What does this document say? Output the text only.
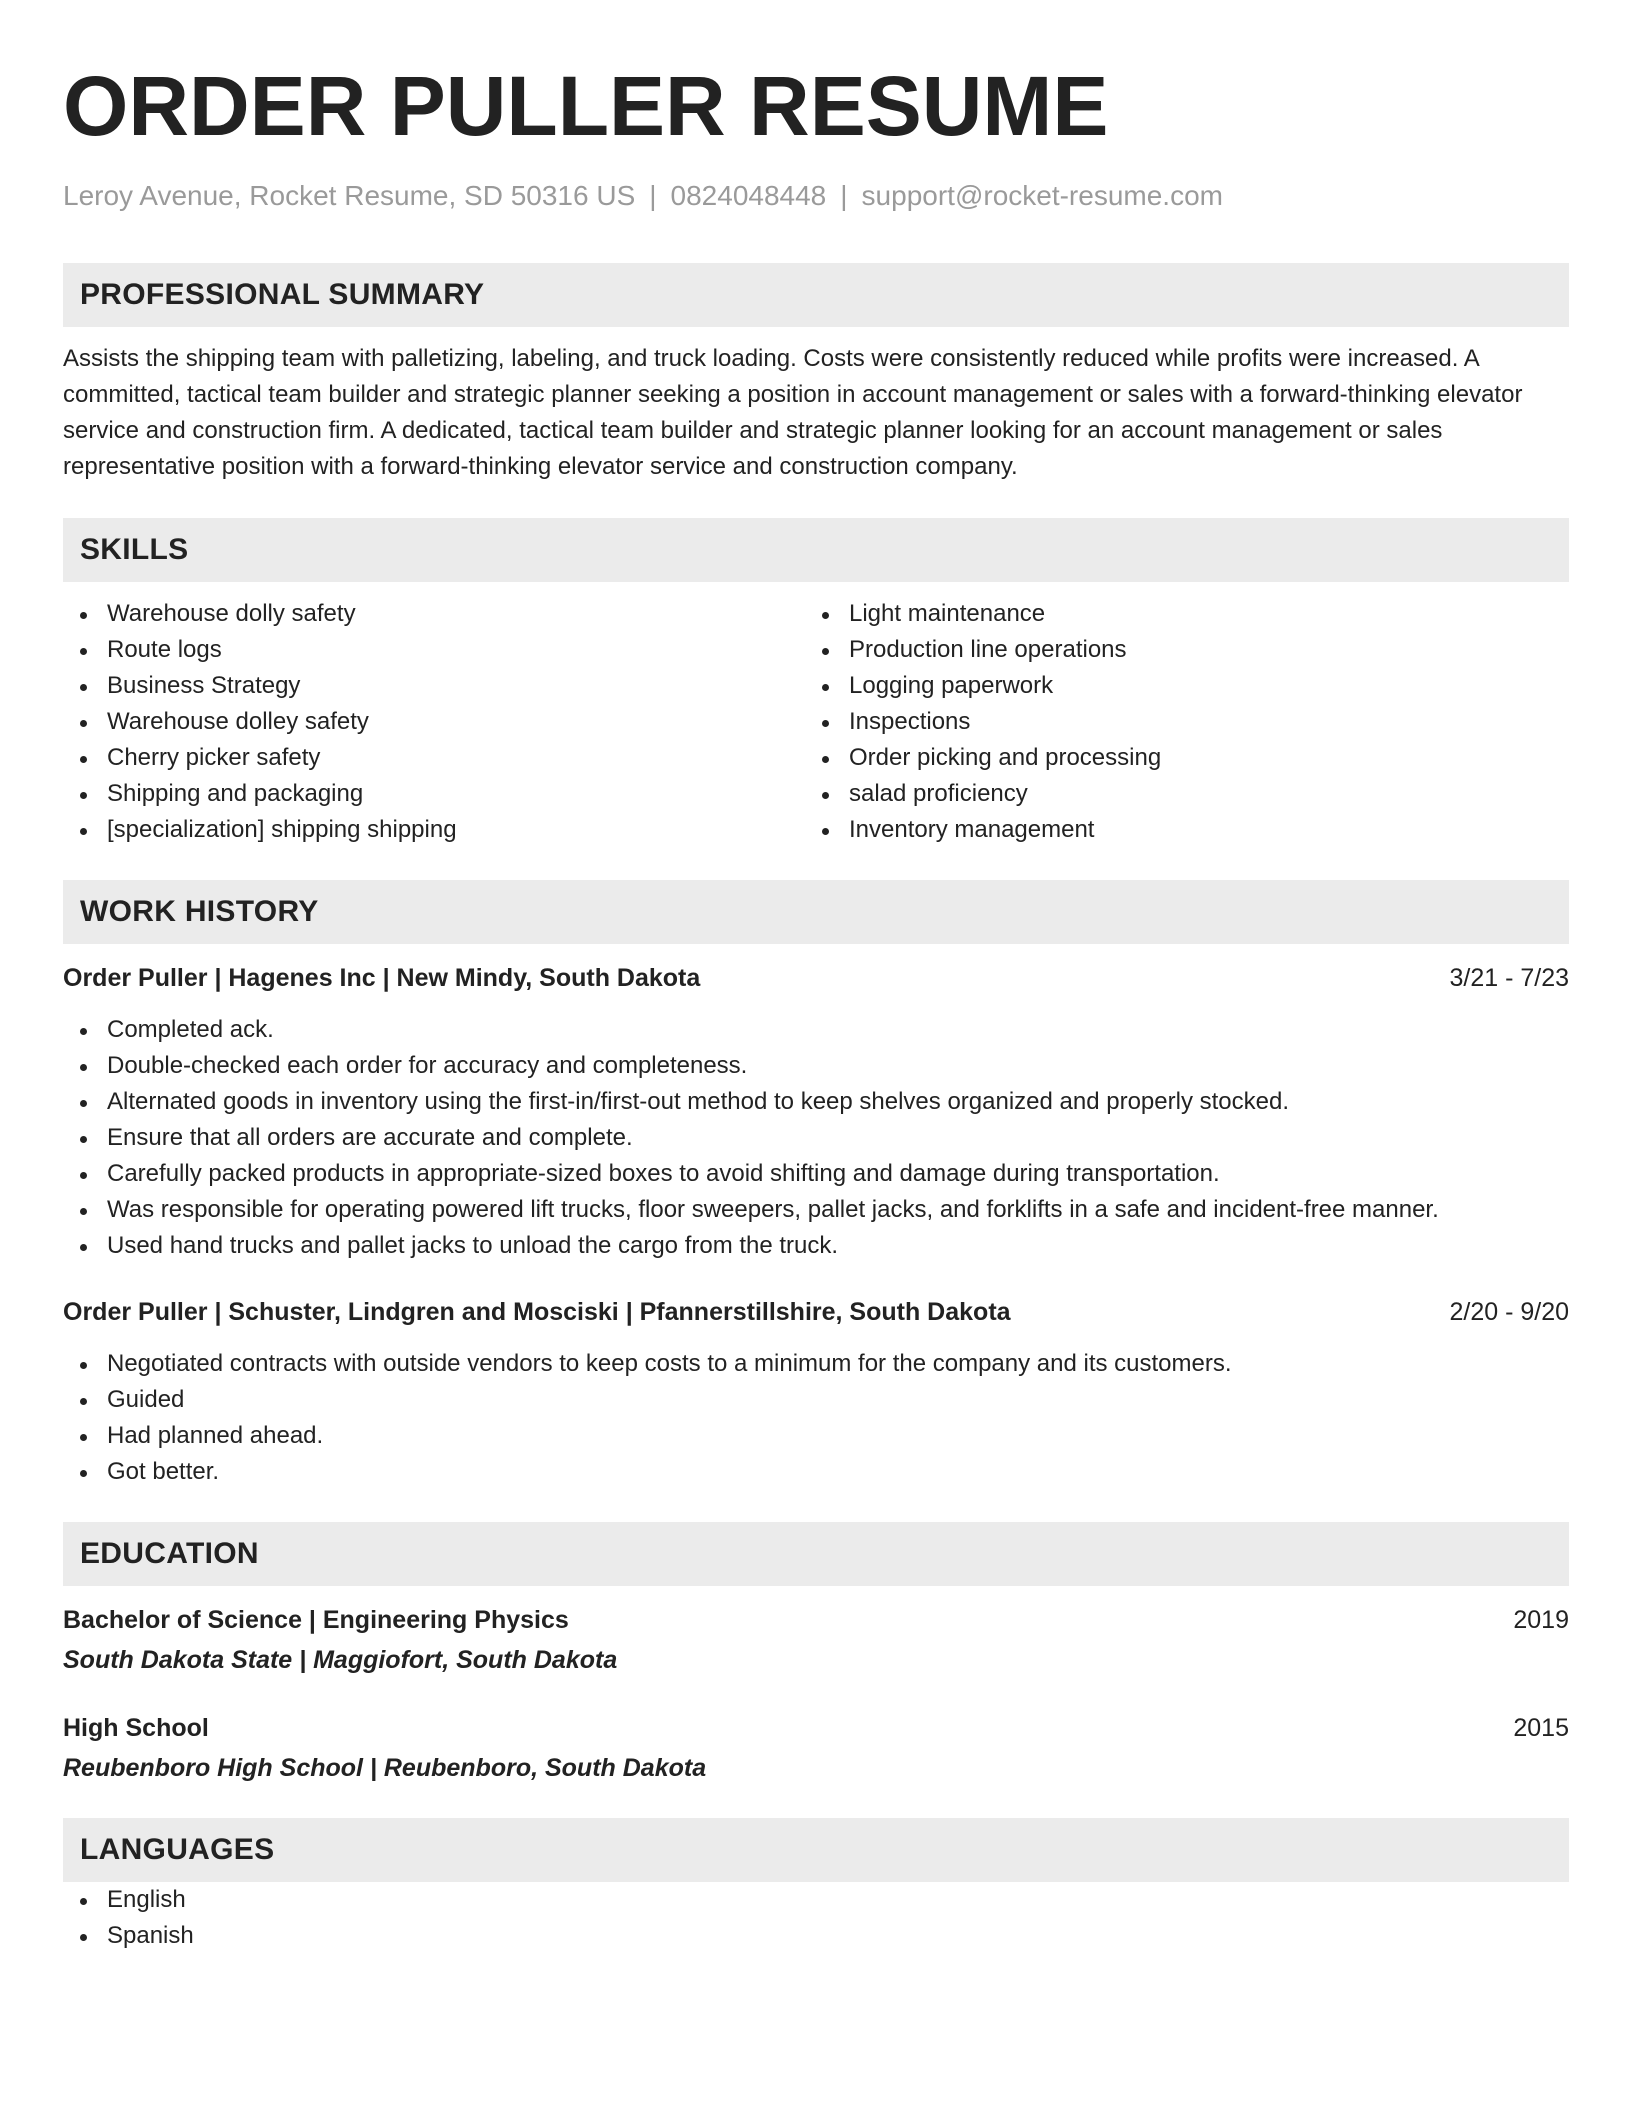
ORDER PULLER RESUME
Leroy Avenue, Rocket Resume, SD 50316 US | 0824048448 | support@rocket-resume.com
PROFESSIONAL SUMMARY
Assists the shipping team with palletizing, labeling, and truck loading. Costs were consistently reduced while profits were increased. A committed, tactical team builder and strategic planner seeking a position in account management or sales with a forward-thinking elevator service and construction firm. A dedicated, tactical team builder and strategic planner looking for an account management or sales representative position with a forward-thinking elevator service and construction company.
SKILLS
Warehouse dolly safety
Route logs
Business Strategy
Warehouse dolley safety
Cherry picker safety
Shipping and packaging
[specialization] shipping shipping
Light maintenance
Production line operations
Logging paperwork
Inspections
Order picking and processing
salad proficiency
Inventory management
WORK HISTORY
Order Puller | Hagenes Inc | New Mindy, South Dakota	3/21 - 7/23
Completed ack.
Double-checked each order for accuracy and completeness.
Alternated goods in inventory using the first-in/first-out method to keep shelves organized and properly stocked.
Ensure that all orders are accurate and complete.
Carefully packed products in appropriate-sized boxes to avoid shifting and damage during transportation.
Was responsible for operating powered lift trucks, floor sweepers, pallet jacks, and forklifts in a safe and incident-free manner.
Used hand trucks and pallet jacks to unload the cargo from the truck.
Order Puller | Schuster, Lindgren and Mosciski | Pfannerstillshire, South Dakota	2/20 - 9/20
Negotiated contracts with outside vendors to keep costs to a minimum for the company and its customers.
Guided
Had planned ahead.
Got better.
EDUCATION
Bachelor of Science | Engineering Physics	2019
South Dakota State | Maggiofort, South Dakota
High School	2015
Reubenboro High School | Reubenboro, South Dakota
LANGUAGES
English
Spanish
